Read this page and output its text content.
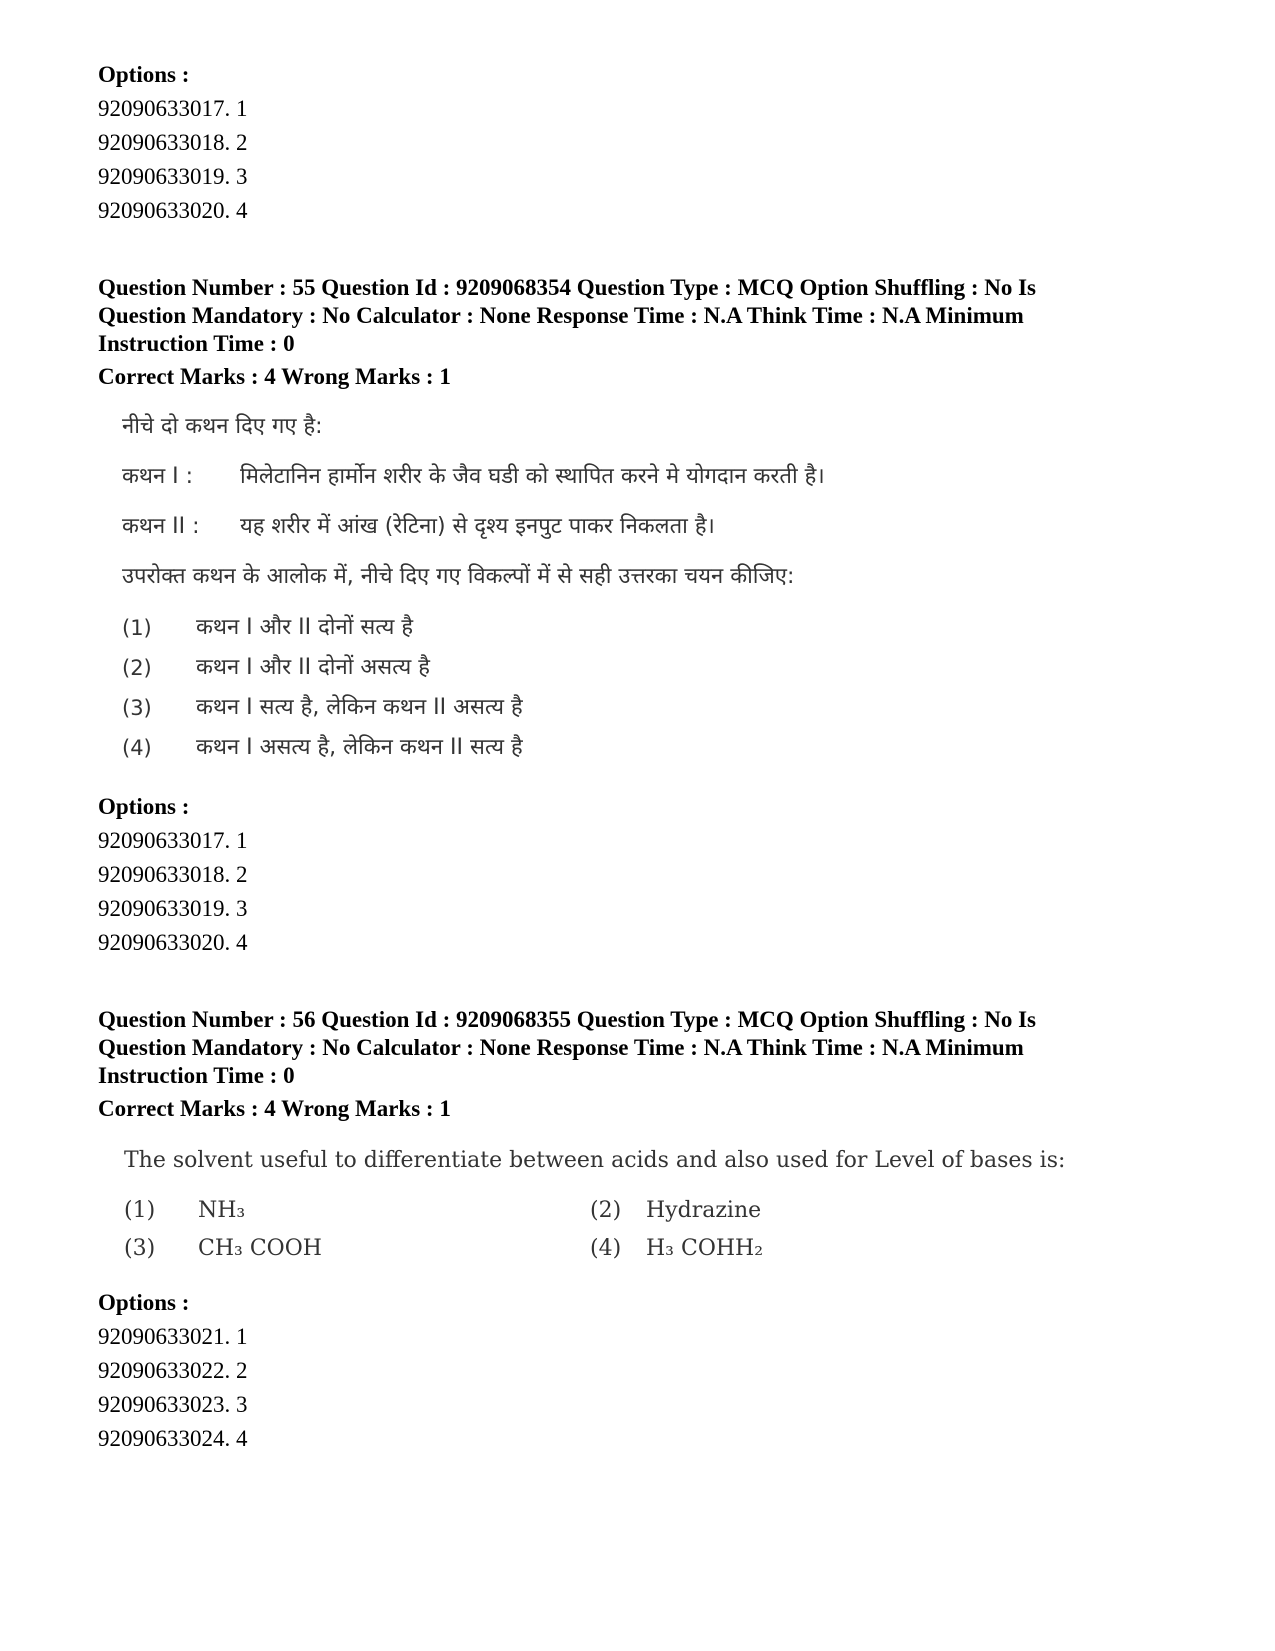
Options :
92090633017. 1
92090633018. 2
92090633019. 3
92090633020. 4
Question Number : 55 Question Id : 9209068354 Question Type : MCQ Option Shuffling : No Is
Question Mandatory : No Calculator : None Response Time : N.A Think Time : N.A Minimum
Instruction Time : 0
Correct Marks : 4 Wrong Marks : 1
नीचे दो कथन दिए गए है:
कथन I :	मिलेटानिन हार्मोन शरीर के जैव घडी को स्थापित करने मे योगदान करती है।
कथन II :	यह शरीर में आंख (रेटिना) से दृश्य इनपुट पाकर निकलता है।
उपरोक्त कथन के आलोक में, नीचे दिए गए विकल्पों में से सही उत्तरका चयन कीजिए:
(1)	कथन I और II दोनों सत्य है
(2)	कथन I और II दोनों असत्य है
(3)	कथन I सत्य है, लेकिन कथन II असत्य है
(4)	कथन I असत्य है, लेकिन कथन II सत्य है
Options :
92090633017. 1
92090633018. 2
92090633019. 3
92090633020. 4
Question Number : 56 Question Id : 9209068355 Question Type : MCQ Option Shuffling : No Is
Question Mandatory : No Calculator : None Response Time : N.A Think Time : N.A Minimum
Instruction Time : 0
Correct Marks : 4 Wrong Marks : 1
The solvent useful to differentiate between acids and also used for Level of bases is:
(1)	NH₃	(2)	Hydrazine
(3)	CH₃ COOH	(4)	H₃ COHH₂
Options :
92090633021. 1
92090633022. 2
92090633023. 3
92090633024. 4
